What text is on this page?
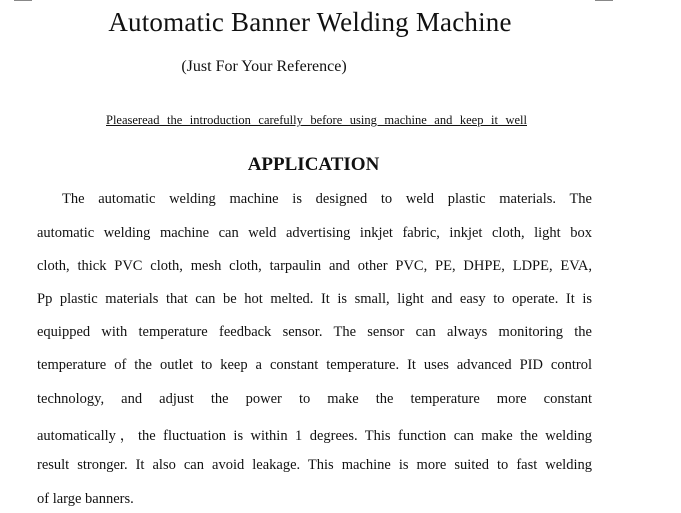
Automatic Banner Welding Machine
(Just For Your Reference)
Pleaseread the introduction carefully before using machine and keep it well
APPLICATION
The automatic welding machine is designed to weld plastic materials. The
automatic welding machine can weld advertising inkjet fabric, inkjet cloth, light box
cloth, thick PVC cloth, mesh cloth, tarpaulin and other PVC, PE, DHPE, LDPE, EVA,
Pp plastic materials that can be hot melted. It is small, light and easy to operate. It is
equipped with temperature feedback sensor. The sensor can always monitoring the
temperature of the outlet to keep a constant temperature. It uses advanced PID control
technology, and adjust the power to make the temperature more constant
automatically，the fluctuation is within 1 degrees. This function can make the welding
result stronger. It also can avoid leakage. This machine is more suited to fast welding
of large banners.
